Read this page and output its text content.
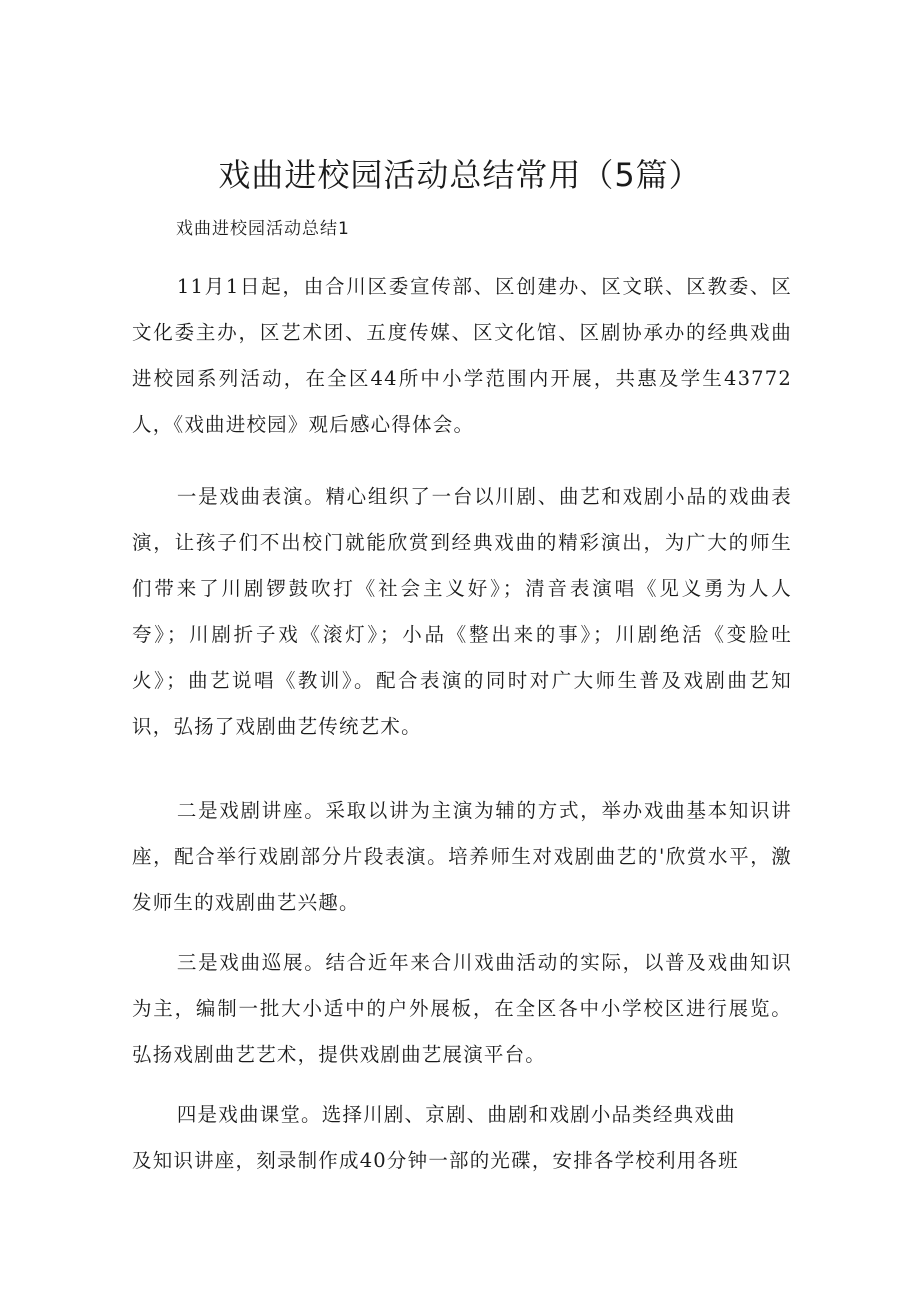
戏曲进校园活动总结常用（5篇）

戏曲进校园活动总结1

11月1日起，由合川区委宣传部、区创建办、区文联、区教委、区文化委主办，区艺术团、五度传媒、区文化馆、区剧协承办的经典戏曲进校园系列活动，在全区44所中小学范围内开展，共惠及学生43772人，《戏曲进校园》观后感心得体会。

一是戏曲表演。精心组织了一台以川剧、曲艺和戏剧小品的戏曲表演，让孩子们不出校门就能欣赏到经典戏曲的精彩演出，为广大的师生们带来了川剧锣鼓吹打《社会主义好》；清音表演唱《见义勇为人人夸》；川剧折子戏《滚灯》；小品《整出来的事》；川剧绝活《变脸吐火》；曲艺说唱《教训》。配合表演的同时对广大师生普及戏剧曲艺知识，弘扬了戏剧曲艺传统艺术。

二是戏剧讲座。采取以讲为主演为辅的方式，举办戏曲基本知识讲座，配合举行戏剧部分片段表演。培养师生对戏剧曲艺的'欣赏水平，激发师生的戏剧曲艺兴趣。

三是戏曲巡展。结合近年来合川戏曲活动的实际，以普及戏曲知识为主，编制一批大小适中的户外展板，在全区各中小学校区进行展览。弘扬戏剧曲艺艺术，提供戏剧曲艺展演平台。

四是戏曲课堂。选择川剧、京剧、曲剧和戏剧小品类经典戏曲
及知识讲座，刻录制作成40分钟一部的光碟，安排各学校利用各班
